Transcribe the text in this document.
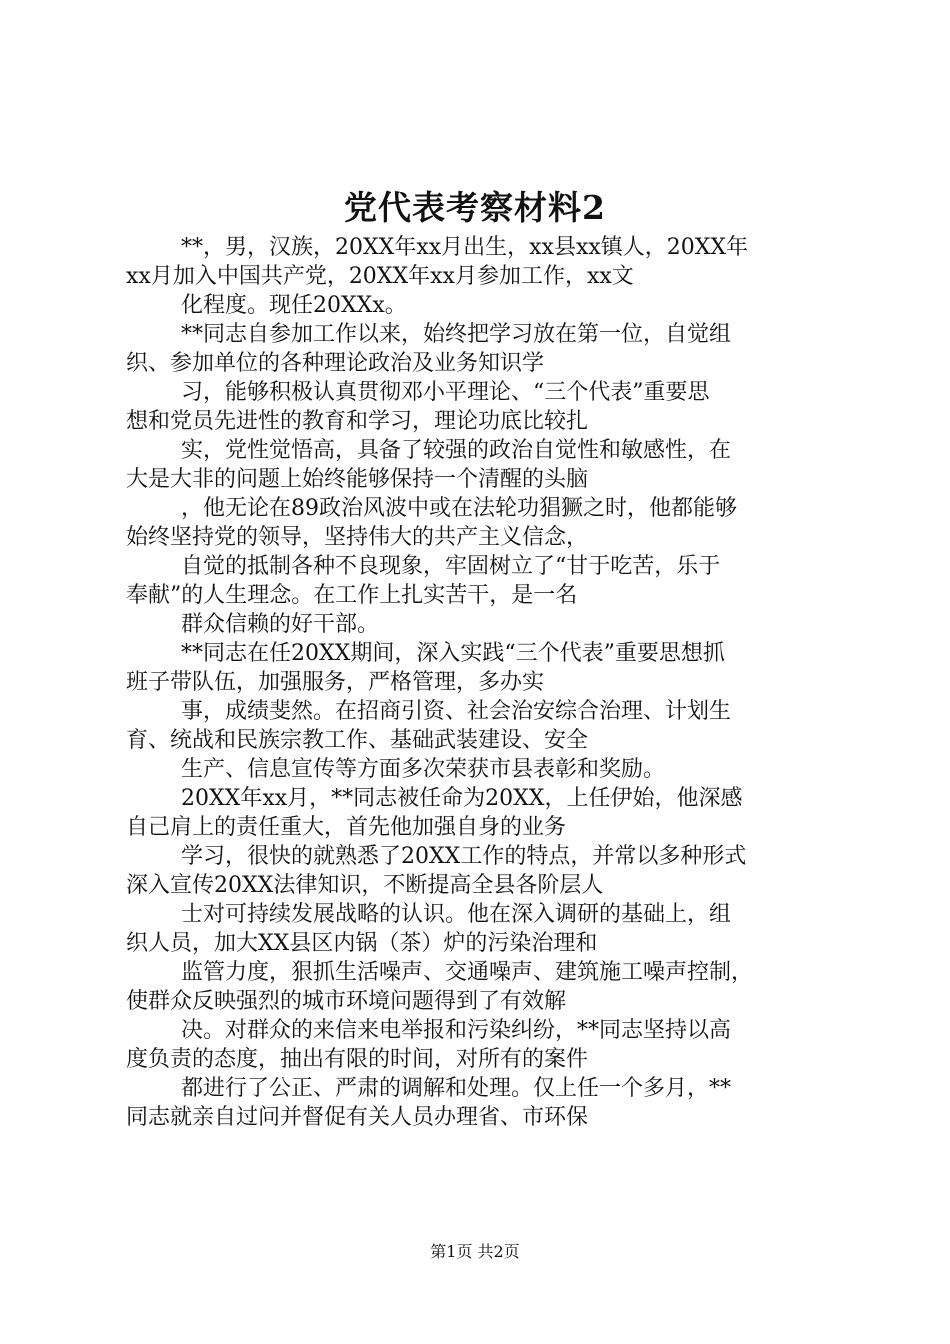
党代表考察材料2
**，男，汉族，20XX年xx月出生，xx县xx镇人，20XX年
xx月加入中国共产党，20XX年xx月参加工作，xx文
化程度。现任20XXx。
**同志自参加工作以来，始终把学习放在第一位，自觉组
织、参加单位的各种理论政治及业务知识学
习，能够积极认真贯彻邓小平理论、“三个代表”重要思
想和党员先进性的教育和学习，理论功底比较扎
实，党性觉悟高，具备了较强的政治自觉性和敏感性，在
大是大非的问题上始终能够保持一个清醒的头脑
，他无论在89政治风波中或在法轮功猖獗之时，他都能够
始终坚持党的领导，坚持伟大的共产主义信念，
自觉的抵制各种不良现象，牢固树立了“甘于吃苦，乐于
奉献”的人生理念。在工作上扎实苦干，是一名
群众信赖的好干部。
**同志在任20XX期间，深入实践“三个代表”重要思想抓
班子带队伍，加强服务，严格管理，多办实
事，成绩斐然。在招商引资、社会治安综合治理、计划生
育、统战和民族宗教工作、基础武装建设、安全
生产、信息宣传等方面多次荣获市县表彰和奖励。
20XX年xx月，**同志被任命为20XX，上任伊始，他深感
自己肩上的责任重大，首先他加强自身的业务
学习，很快的就熟悉了20XX工作的特点，并常以多种形式
深入宣传20XX法律知识，不断提高全县各阶层人
士对可持续发展战略的认识。他在深入调研的基础上，组
织人员，加大XX县区内锅（茶）炉的污染治理和
监管力度，狠抓生活噪声、交通噪声、建筑施工噪声控制，
使群众反映强烈的城市环境问题得到了有效解
决。对群众的来信来电举报和污染纠纷，**同志坚持以高
度负责的态度，抽出有限的时间，对所有的案件
都进行了公正、严肃的调解和处理。仅上任一个多月，**
同志就亲自过问并督促有关人员办理省、市环保
第1页 共2页
